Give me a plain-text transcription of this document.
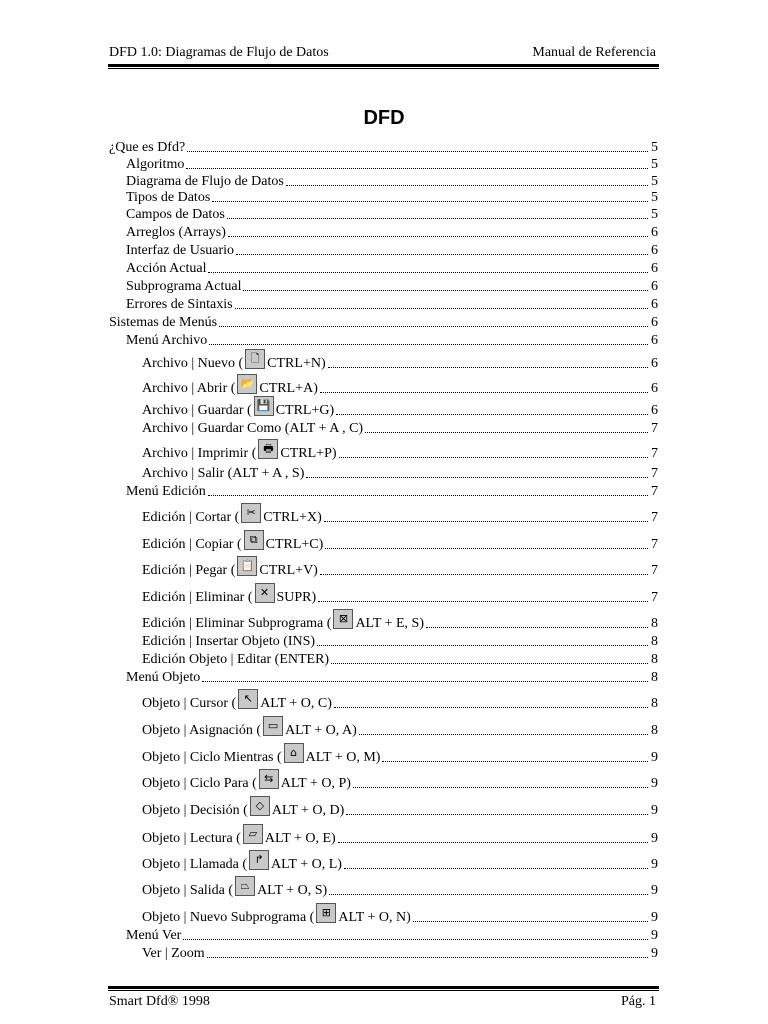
DFD 1.0: Diagramas de Flujo de Datos	Manual de Referencia
DFD
¿Que es Dfd?	5
Algoritmo	5
Diagrama de Flujo de Datos	5
Tipos de Datos	5
Campos de Datos	5
Arreglos (Arrays)	6
Interfaz de Usuario	6
Acción Actual	6
Subprograma Actual	6
Errores de Sintaxis	6
Sistemas de Menús	6
Menú Archivo	6
Archivo | Nuevo ( 🗋 CTRL+N)	6
Archivo | Abrir ( 📂 CTRL+A)	6
Archivo | Guardar ( 💾 CTRL+G)	6
Archivo | Guardar Como (ALT + A , C)	7
Archivo | Imprimir ( 🖶 CTRL+P)	7
Archivo | Salir (ALT + A , S)	7
Menú Edición	7
Edición | Cortar ( ✂ CTRL+X)	7
Edición | Copiar ( ⧉ CTRL+C)	7
Edición | Pegar ( 📋 CTRL+V)	7
Edición | Eliminar ( ✕ SUPR)	7
Edición | Eliminar Subprograma ( ⊠ ALT + E, S)	8
Edición | Insertar Objeto (INS)	8
Edición Objeto | Editar (ENTER)	8
Menú Objeto	8
Objeto | Cursor ( ↖ ALT + O, C)	8
Objeto | Asignación ( ▭ ALT + O, A)	8
Objeto | Ciclo Mientras ( ⌂ ALT + O, M)	9
Objeto | Ciclo Para ( ⇆ ALT + O, P)	9
Objeto | Decisión ( ◇ ALT + O, D)	9
Objeto | Lectura ( ⏥ ALT + O, E)	9
Objeto | Llamada ( ↱ ALT + O, L)	9
Objeto | Salida ( ⏢ ALT + O, S)	9
Objeto | Nuevo Subprograma ( ⊞ ALT + O, N)	9
Menú Ver	9
Ver | Zoom	9
Smart Dfd® 1998	Pág. 1
